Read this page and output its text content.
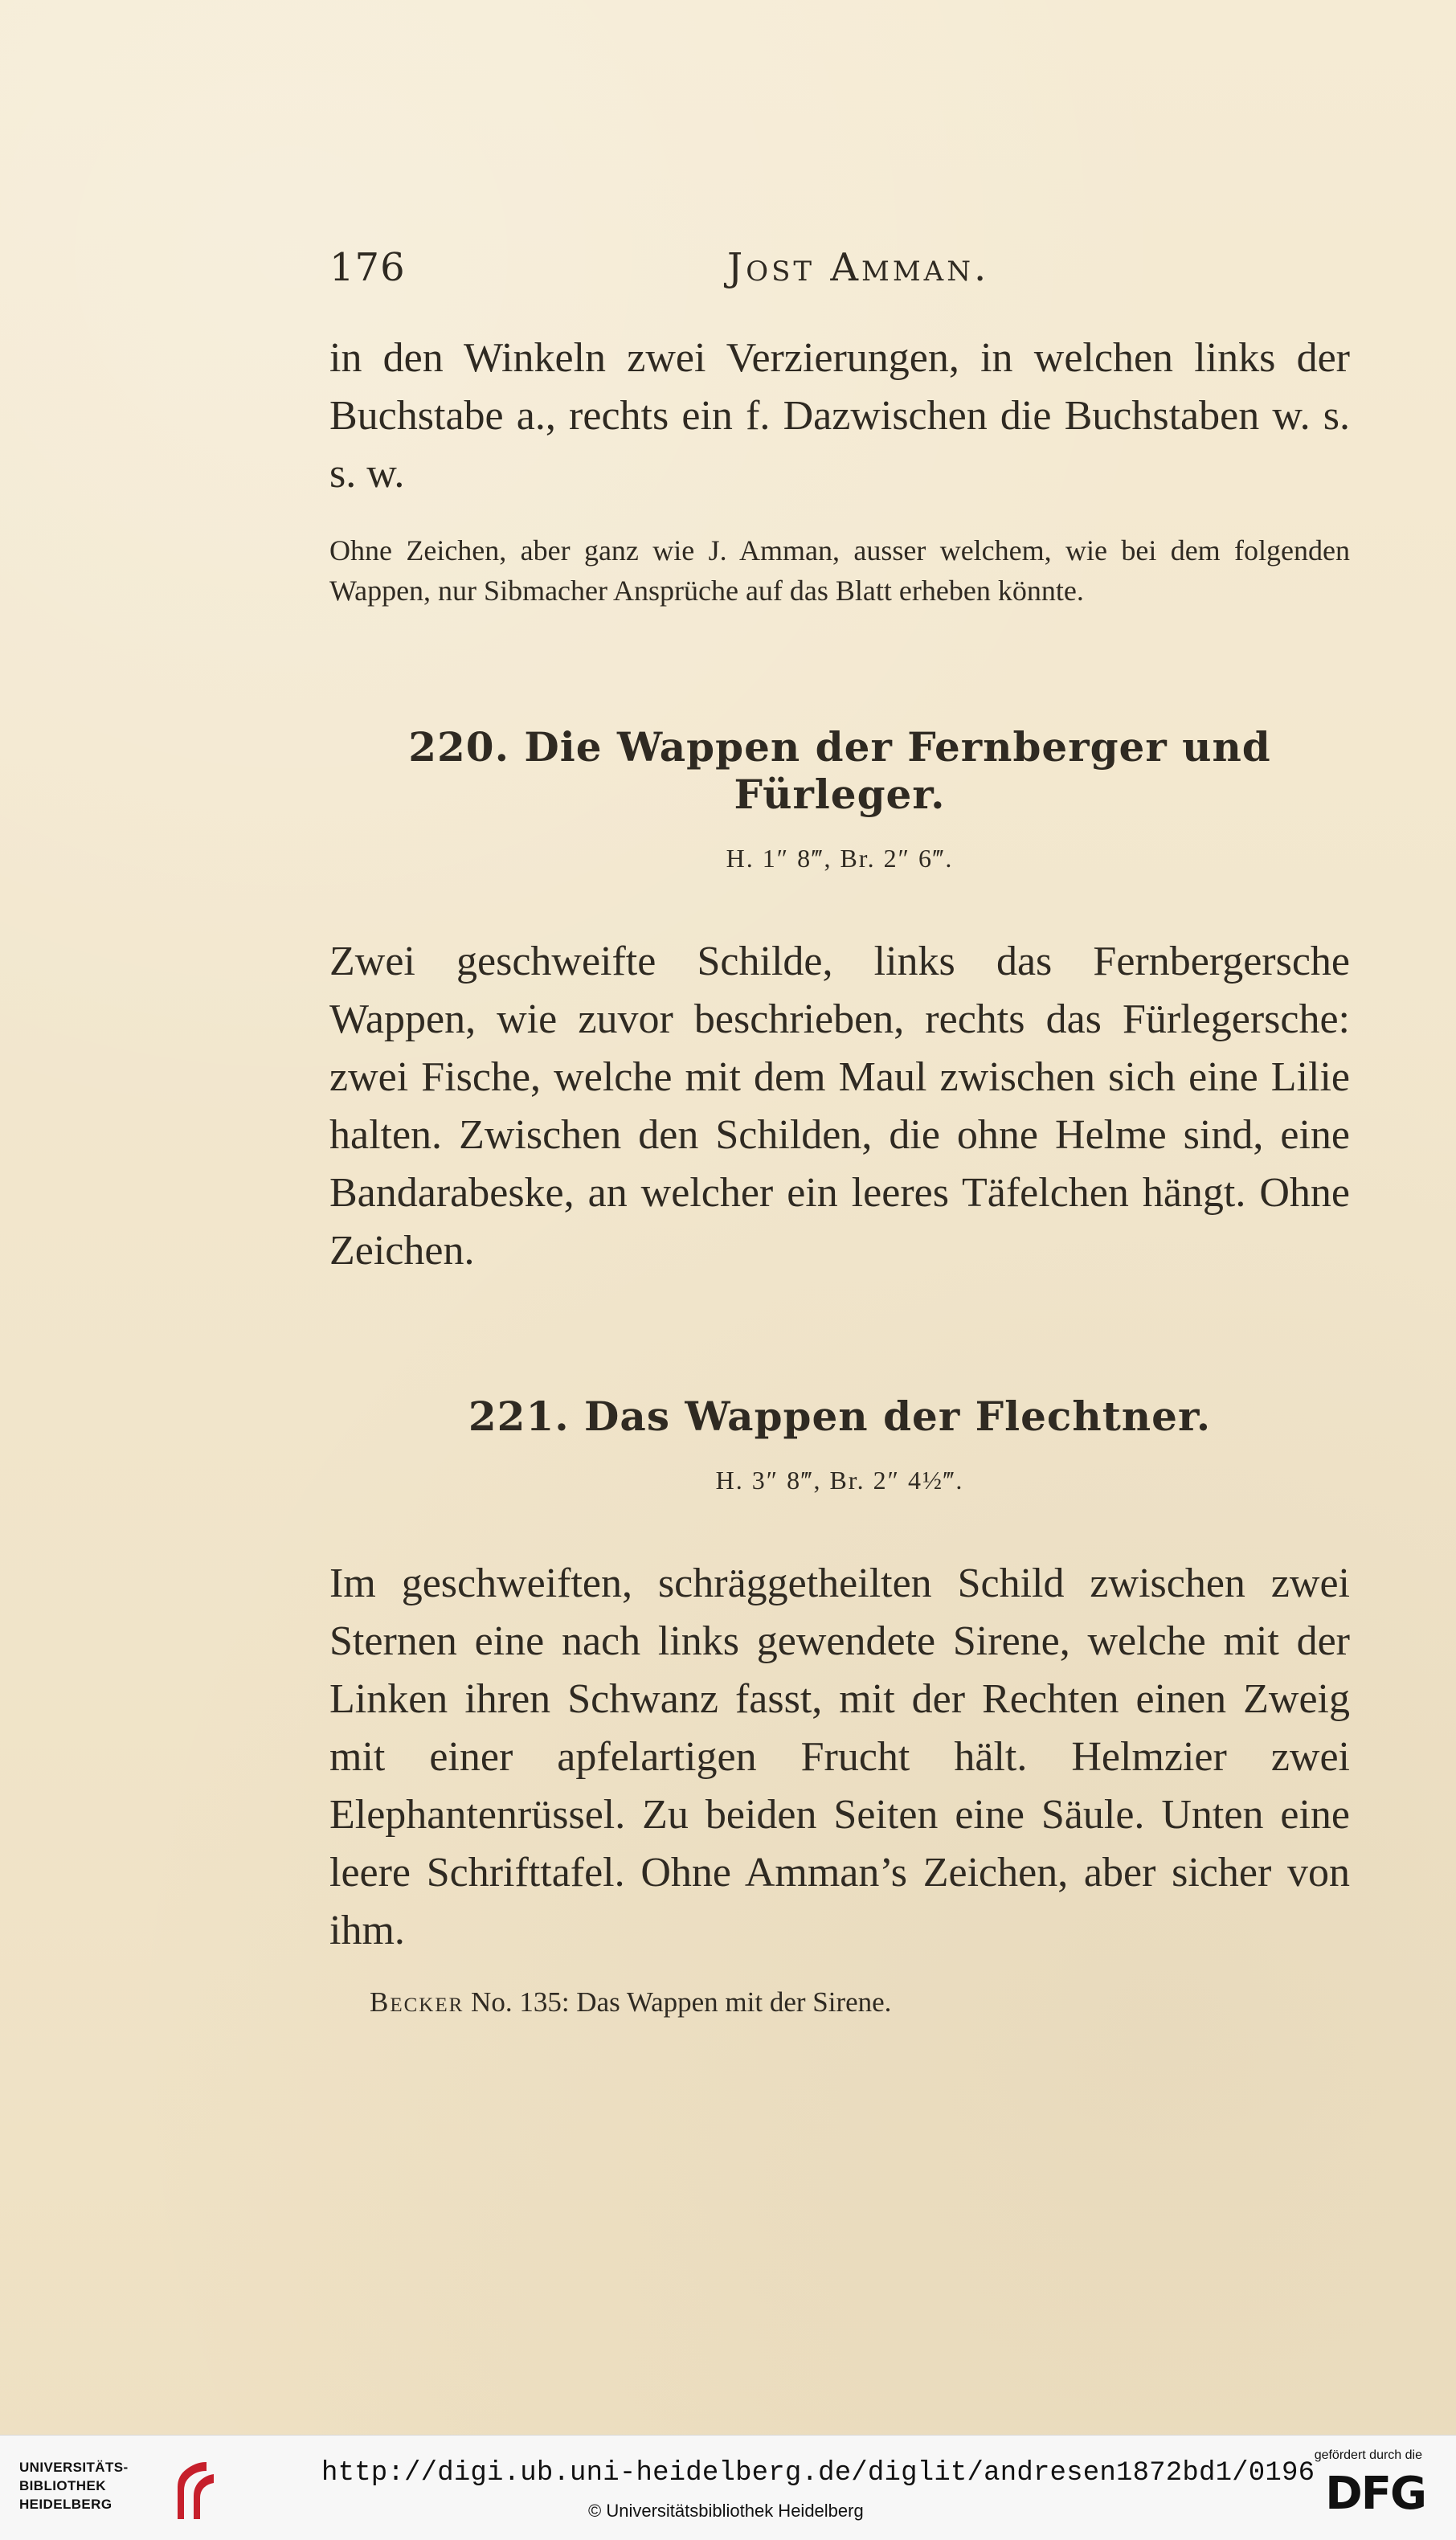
176	Jost Amman.

in den Winkeln zwei Verzierungen, in welchen links der Buchstabe a., rechts ein f. Dazwischen die Buchstaben w. s. s. w.

Ohne Zeichen, aber ganz wie J. Amman, ausser welchem, wie bei dem folgenden Wappen, nur Sibmacher Ansprüche auf das Blatt erheben könnte.

220. Die Wappen der Fernberger und Fürleger.
H. 1″ 8‴, Br. 2″ 6‴.

Zwei geschweifte Schilde, links das Fernbergersche Wappen, wie zuvor beschrieben, rechts das Fürlegersche: zwei Fische, welche mit dem Maul zwischen sich eine Lilie halten. Zwischen den Schilden, die ohne Helme sind, eine Bandarabeske, an welcher ein leeres Täfelchen hängt. Ohne Zeichen.

221. Das Wappen der Flechtner.
H. 3″ 8‴, Br. 2″ 4½‴.

Im geschweiften, schräggetheilten Schild zwischen zwei Sternen eine nach links gewendete Sirene, welche mit der Linken ihren Schwanz fasst, mit der Rechten einen Zweig mit einer apfelartigen Frucht hält. Helmzier zwei Elephantenrüssel. Zu beiden Seiten eine Säule. Unten eine leere Schrifttafel. Ohne Amman’s Zeichen, aber sicher von ihm.

Becker No. 135: Das Wappen mit der Sirene.

UNIVERSITÄTS-
BIBLIOTHEK
HEIDELBERG
http://digi.ub.uni-heidelberg.de/diglit/andresen1872bd1/0196
© Universitätsbibliothek Heidelberg
gefördert durch die
DFG
